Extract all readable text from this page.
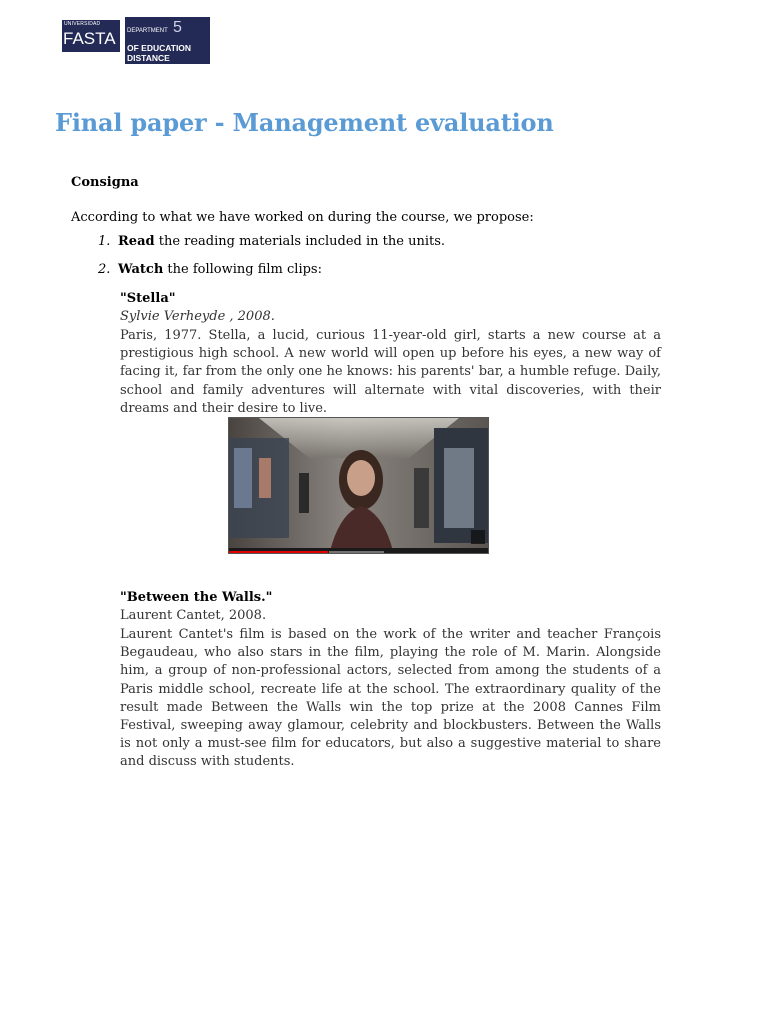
UNIVERSIDAD
FASTA DEPARTMENT 5
OF EDUCATION
DISTANCE
Final paper - Management evaluation
Consigna
According to what we have worked on during the course, we propose:
1. Read the reading materials included in the units.
2. Watch the following film clips:
"Stella"
Sylvie Verheyde , 2008.

Paris, 1977. Stella, a lucid, curious 11-year-old girl, starts a new course at a prestigious high school. A new world will open up before his eyes, a new way of facing it, far from the only one he knows: his parents' bar, a humble refuge. Daily, school and family adventures will alternate with vital discoveries, with their dreams and their desire to live.

"Between the Walls."
Laurent Cantet, 2008.

Laurent Cantet's film is based on the work of the writer and teacher François Begaudeau, who also stars in the film, playing the role of M. Marin. Alongside him, a group of non-professional actors, selected from among the students of a Paris middle school, recreate life at the school. The extraordinary quality of the result made Between the Walls win the top prize at the 2008 Cannes Film Festival, sweeping away glamour, celebrity and blockbusters. Between the Walls is not only a must-see film for educators, but also a suggestive material to share and discuss with students.
